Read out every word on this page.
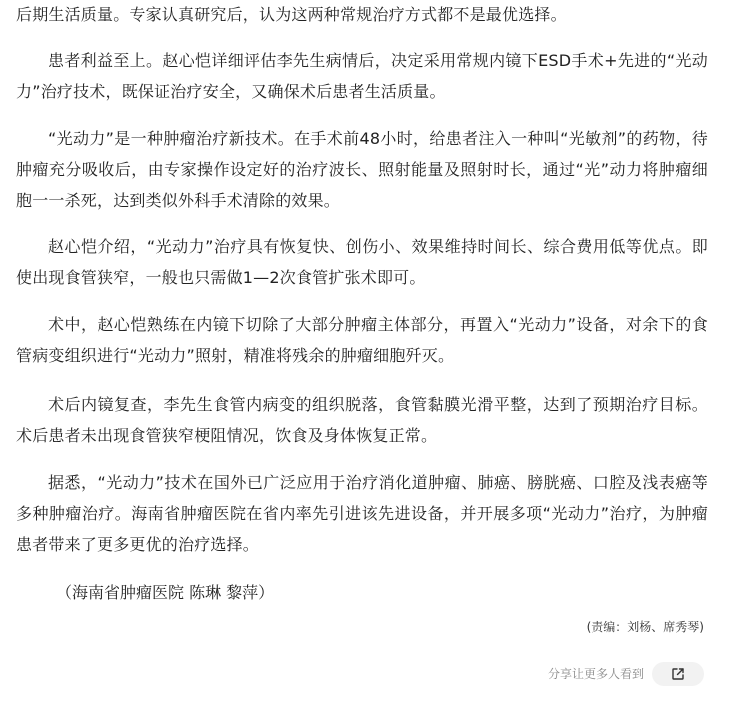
后期生活质量。专家认真研究后，认为这两种常规治疗方式都不是最优选择。

患者利益至上。赵心恺详细评估李先生病情后，决定采用常规内镜下ESD手术+先进的“光动力”治疗技术，既保证治疗安全，又确保术后患者生活质量。

“光动力”是一种肿瘤治疗新技术。在手术前48小时，给患者注入一种叫“光敏剂”的药物，待肿瘤充分吸收后，由专家操作设定好的治疗波长、照射能量及照射时长，通过“光”动力将肿瘤细胞一一杀死，达到类似外科手术清除的效果。

赵心恺介绍，“光动力”治疗具有恢复快、创伤小、效果维持时间长、综合费用低等优点。即使出现食管狭窄，一般也只需做1—2次食管扩张术即可。

术中，赵心恺熟练在内镜下切除了大部分肿瘤主体部分，再置入“光动力”设备，对余下的食管病变组织进行“光动力”照射，精准将残余的肿瘤细胞歼灭。

术后内镜复查，李先生食管内病变的组织脱落，食管黏膜光滑平整，达到了预期治疗目标。术后患者未出现食管狭窄梗阻情况，饮食及身体恢复正常。

据悉，“光动力”技术在国外已广泛应用于治疗消化道肿瘤、肺癌、膀胱癌、口腔及浅表癌等多种肿瘤治疗。海南省肿瘤医院在省内率先引进该先进设备，并开展多项“光动力”治疗，为肿瘤患者带来了更多更优的治疗选择。

（海南省肿瘤医院 陈琳 黎萍）

(责编：刘杨、席秀琴)

分享让更多人看到
